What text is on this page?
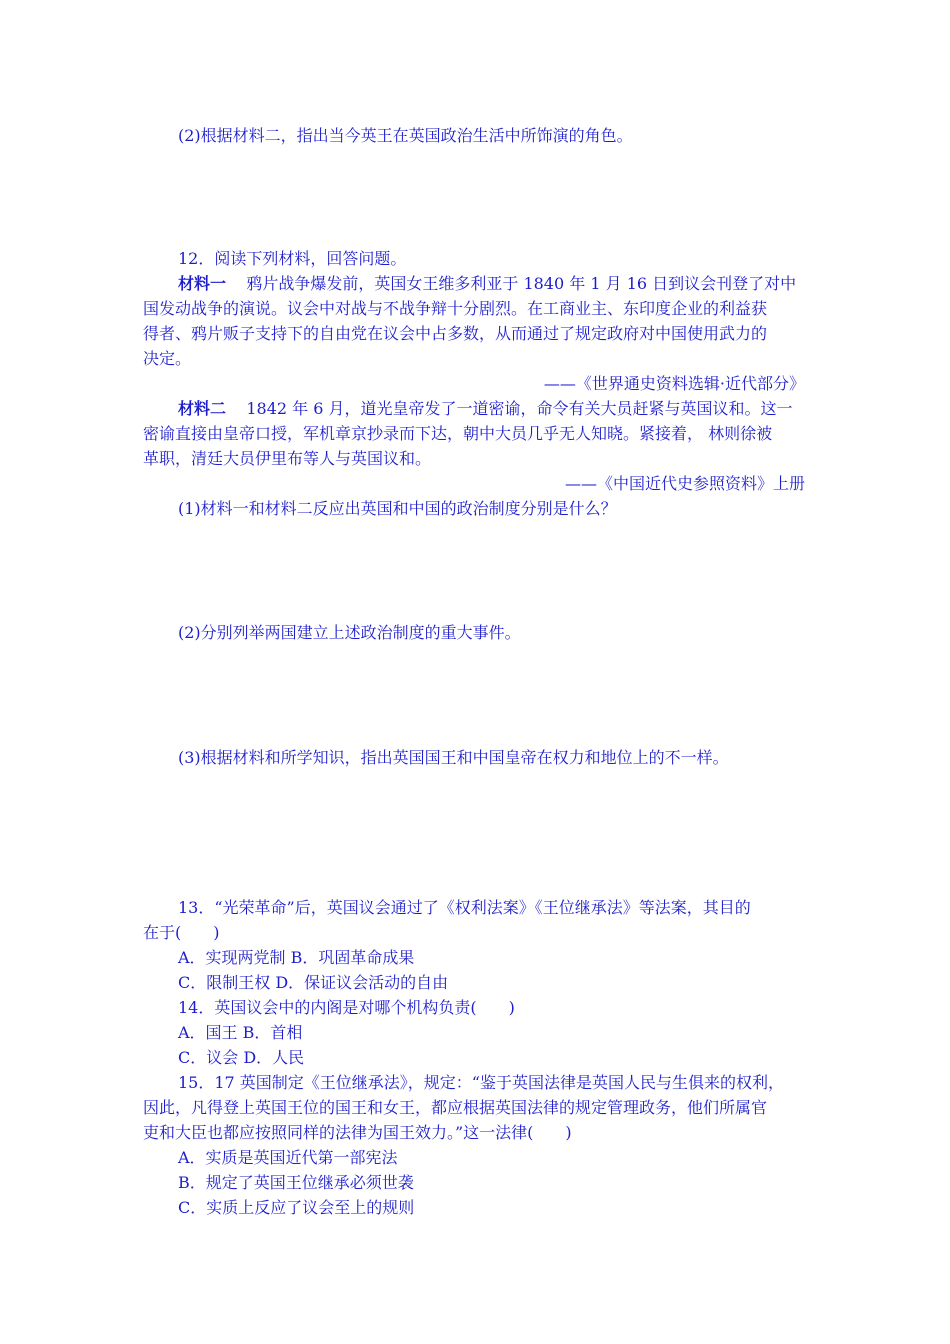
(2)根据材料二，指出当今英王在英国政治生活中所饰演的角色。
12．阅读下列材料，回答问题。
材料一 鸦片战争爆发前，英国女王维多利亚于 1840 年 1 月 16 日到议会刊登了对中
国发动战争的演说。议会中对战与不战争辩十分剧烈。在工商业主、东印度企业的利益获
得者、鸦片贩子支持下的自由党在议会中占多数，从而通过了规定政府对中国使用武力的
决定。
——《世界通史资料选辑·近代部分》
材料二 1842 年 6 月，道光皇帝发了一道密谕，命令有关大员赶紧与英国议和。这一
密谕直接由皇帝口授，军机章京抄录而下达，朝中大员几乎无人知晓。紧接着， 林则徐被
革职，清廷大员伊里布等人与英国议和。
——《中国近代史参照资料》上册
(1)材料一和材料二反应出英国和中国的政治制度分别是什么？
(2)分别列举两国建立上述政治制度的重大事件。
(3)根据材料和所学知识，指出英国国王和中国皇帝在权力和地位上的不一样。
13．“光荣革命”后，英国议会通过了《权利法案》《王位继承法》等法案，其目的
在于(　　)
A．实现两党制 B．巩固革命成果
C．限制王权 D．保证议会活动的自由
14．英国议会中的内阁是对哪个机构负责(　　)
A．国王 B．首相
C．议会 D．人民
15．17 英国制定《王位继承法》，规定：“鉴于英国法律是英国人民与生俱来的权利，
因此，凡得登上英国王位的国王和女王，都应根据英国法律的规定管理政务，他们所属官
吏和大臣也都应按照同样的法律为国王效力。”这一法律(　　)
A．实质是英国近代第一部宪法
B．规定了英国王位继承必须世袭
C．实质上反应了议会至上的规则
